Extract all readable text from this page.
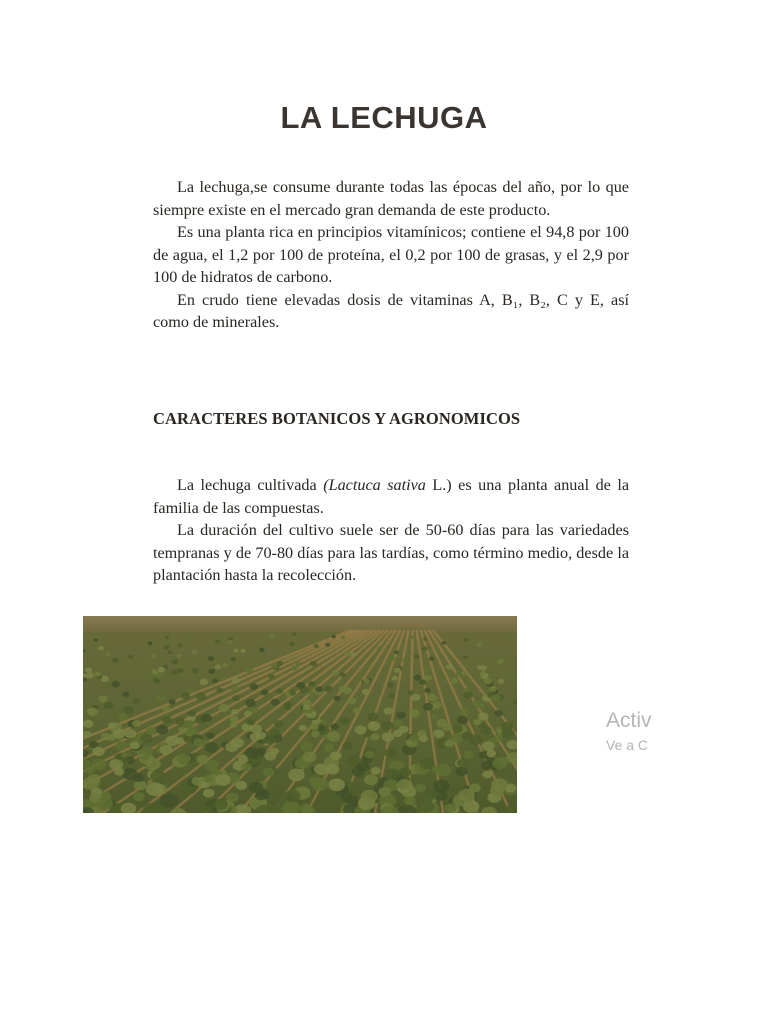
LA LECHUGA

La lechuga,se consume durante todas las épocas del año, por lo que siempre existe en el mercado gran demanda de este producto.

Es una planta rica en principios vitamínicos; contiene el 94,8 por 100 de agua, el 1,2 por 100 de proteína, el 0,2 por 100 de grasas, y el 2,9 por 100 de hidratos de carbono.

En crudo tiene elevadas dosis de vitaminas A, B₁, B₂, C y E, así como de minerales.

CARACTERES BOTANICOS Y AGRONOMICOS

La lechuga cultivada (Lactuca sativa L.) es una planta anual de la familia de las compuestas.

La duración del cultivo suele ser de 50-60 días para las variedades tempranas y de 70-80 días para las tardías, como término medio, desde la plantación hasta la recolección.

Activ
Ve a C
